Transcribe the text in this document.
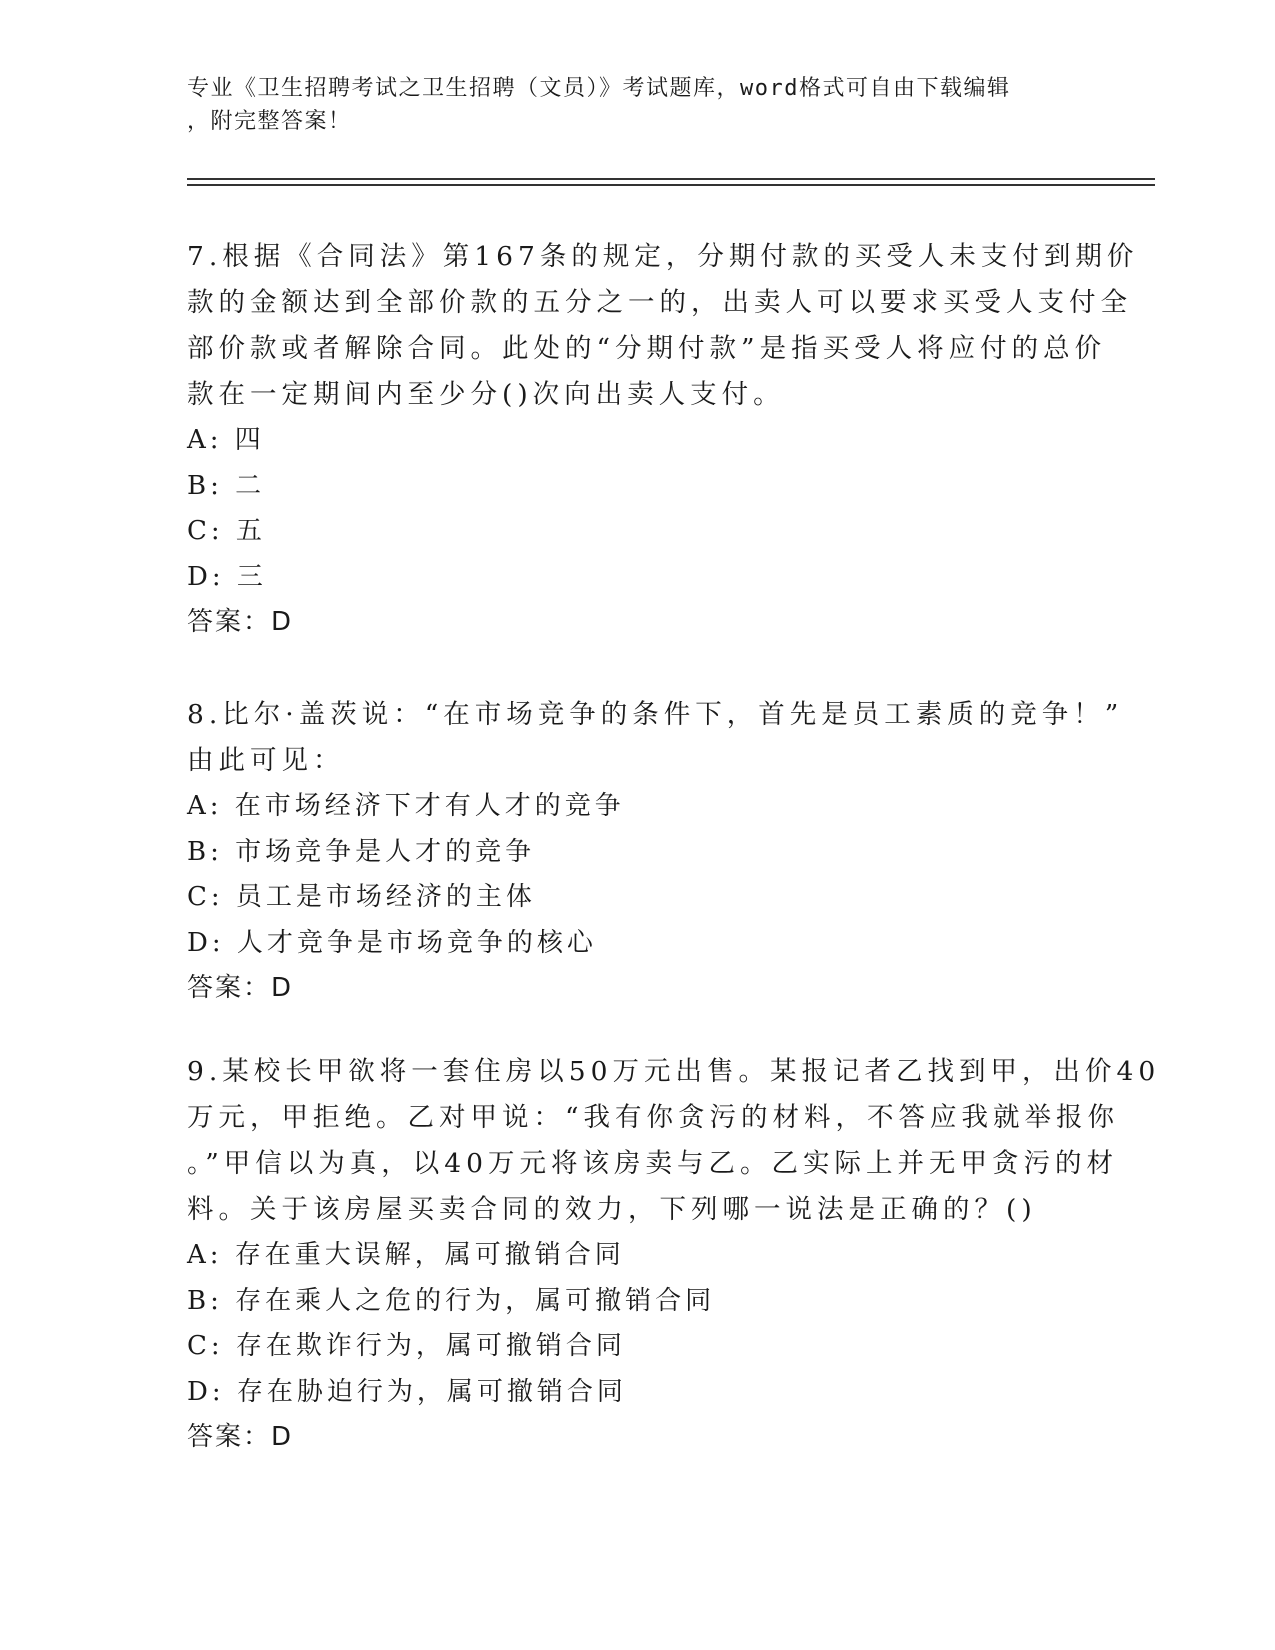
专业《卫生招聘考试之卫生招聘（文员）》考试题库，word格式可自由下载编辑
，附完整答案！
7.根据《合同法》第167条的规定，分期付款的买受人未支付到期价
款的金额达到全部价款的五分之一的，出卖人可以要求买受人支付全
部价款或者解除合同。此处的“分期付款”是指买受人将应付的总价
款在一定期间内至少分()次向出卖人支付。
A: 四
B: 二
C: 五
D: 三
答案：D
8.比尔·盖茨说：“在市场竞争的条件下，首先是员工素质的竞争！”
由此可见：
A: 在市场经济下才有人才的竞争
B: 市场竞争是人才的竞争
C: 员工是市场经济的主体
D: 人才竞争是市场竞争的核心
答案：D
9.某校长甲欲将一套住房以50万元出售。某报记者乙找到甲，出价40
万元，甲拒绝。乙对甲说：“我有你贪污的材料，不答应我就举报你
。”甲信以为真，以40万元将该房卖与乙。乙实际上并无甲贪污的材
料。关于该房屋买卖合同的效力，下列哪一说法是正确的？()
A: 存在重大误解，属可撤销合同
B: 存在乘人之危的行为，属可撤销合同
C: 存在欺诈行为，属可撤销合同
D: 存在胁迫行为，属可撤销合同
答案：D
